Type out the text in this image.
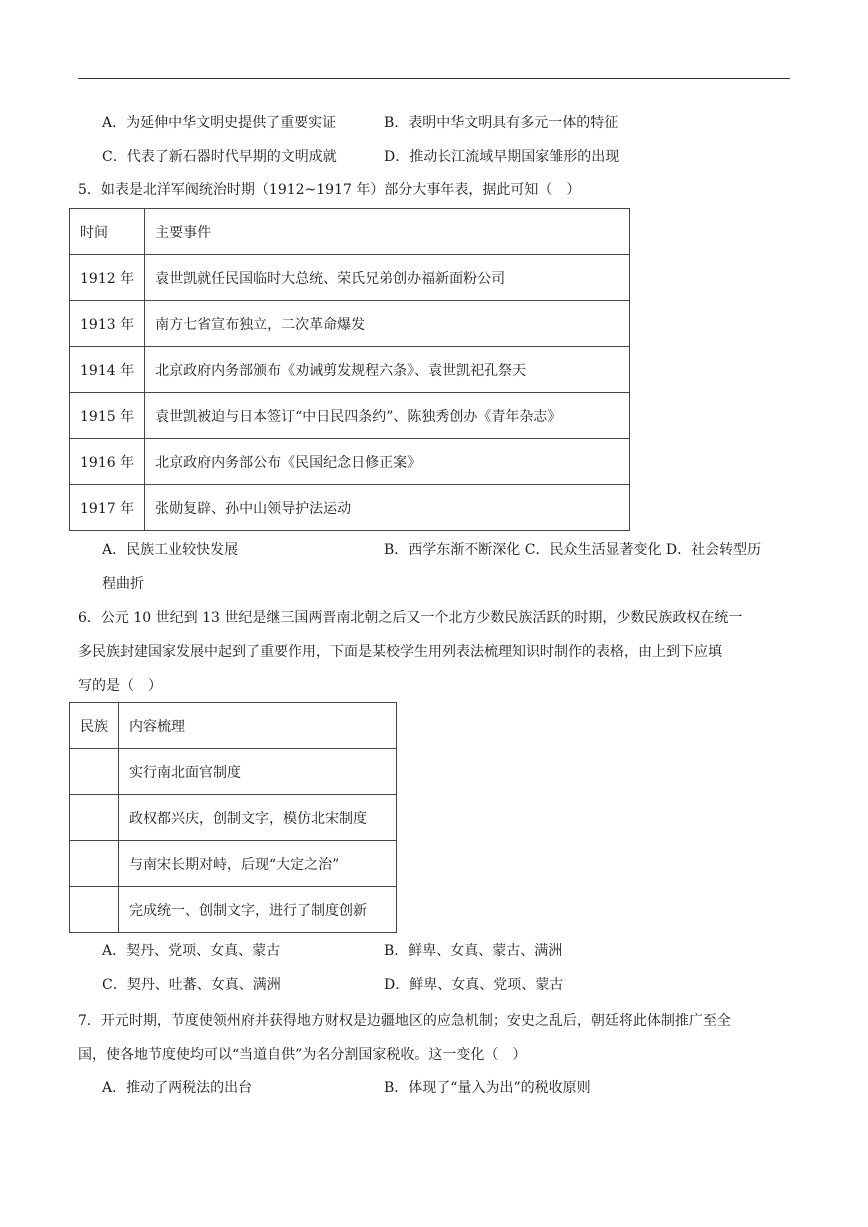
A．为延伸中华文明史提供了重要实证	B．表明中华文明具有多元一体的特征
C．代表了新石器时代早期的文明成就	D．推动长江流域早期国家雏形的出现
5．如表是北洋军阀统治时期（1912~1917 年）部分大事年表，据此可知（　）
时间	主要事件
1912 年	袁世凯就任民国临时大总统、荣氏兄弟创办福新面粉公司
1913 年	南方七省宣布独立，二次革命爆发
1914 年	北京政府内务部颁布《劝诫剪发规程六条》、袁世凯祀孔祭天
1915 年	袁世凯被迫与日本签订“中日民四条约”、陈独秀创办《青年杂志》
1916 年	北京政府内务部公布《民国纪念日修正案》
1917 年	张勋复辟、孙中山领导护法运动
A．民族工业较快发展	B．西学东渐不断深化 C．民众生活显著变化 D．社会转型历
程曲折
6．公元 10 世纪到 13 世纪是继三国两晋南北朝之后又一个北方少数民族活跃的时期，少数民族政权在统一
多民族封建国家发展中起到了重要作用，下面是某校学生用列表法梳理知识时制作的表格，由上到下应填
写的是（　）
民族	内容梳理
	实行南北面官制度
	政权都兴庆，创制文字，模仿北宋制度
	与南宋长期对峙，后现“大定之治”
	完成统一、创制文字，进行了制度创新
A．契丹、党项、女真、蒙古	B．鲜卑、女真、蒙古、满洲
C．契丹、吐蕃、女真、满洲	D．鲜卑、女真、党项、蒙古
7．开元时期，节度使领州府并获得地方财权是边疆地区的应急机制；安史之乱后，朝廷将此体制推广至全
国，使各地节度使均可以“当道自供”为名分割国家税收。这一变化（　）
A．推动了两税法的出台	B．体现了“量入为出”的税收原则
